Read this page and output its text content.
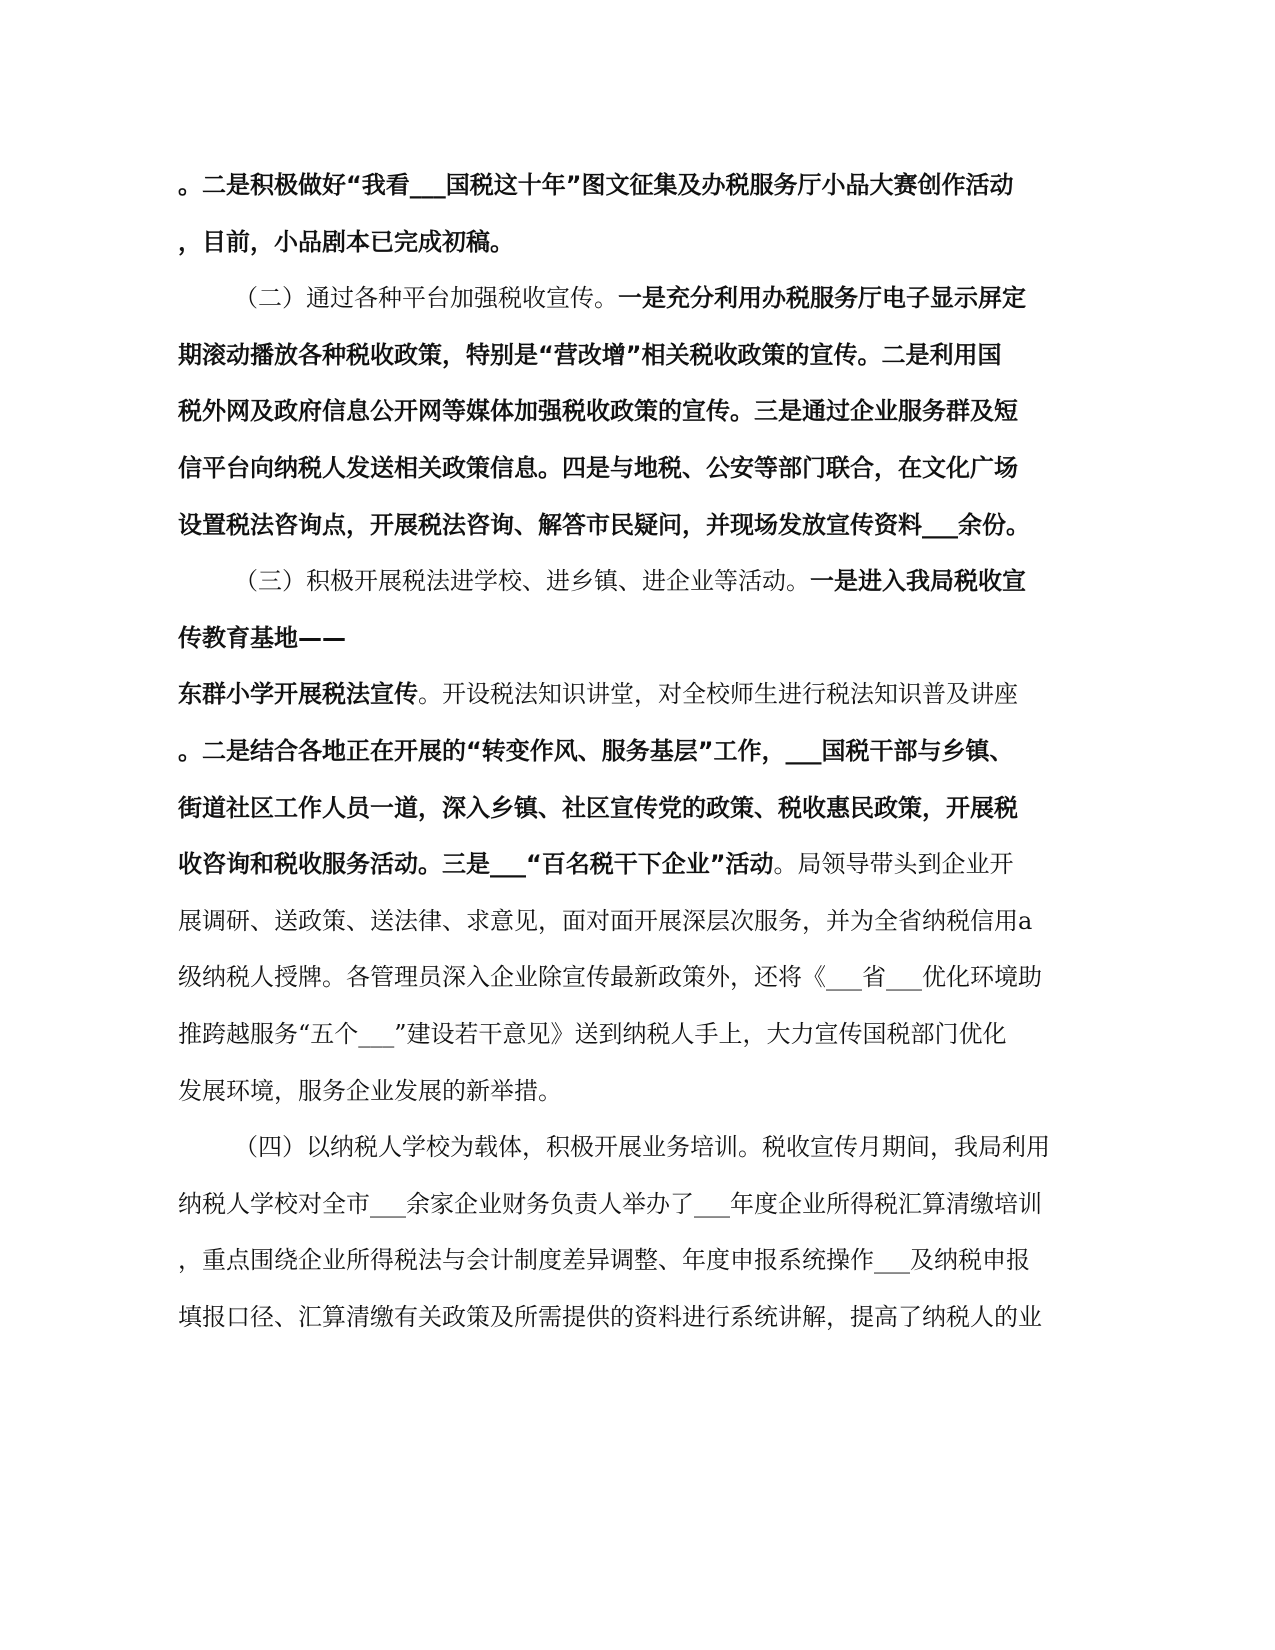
。二是积极做好“我看___国税这十年”图文征集及办税服务厅小品大赛创作活动
，目前，小品剧本已完成初稿。
（二）通过各种平台加强税收宣传。一是充分利用办税服务厅电子显示屏定
期滚动播放各种税收政策，特别是“营改增”相关税收政策的宣传。二是利用国
税外网及政府信息公开网等媒体加强税收政策的宣传。三是通过企业服务群及短
信平台向纳税人发送相关政策信息。四是与地税、公安等部门联合，在文化广场
设置税法咨询点，开展税法咨询、解答市民疑问，并现场发放宣传资料___余份。
（三）积极开展税法进学校、进乡镇、进企业等活动。一是进入我局税收宣
传教育基地——
东群小学开展税法宣传。开设税法知识讲堂，对全校师生进行税法知识普及讲座
。二是结合各地正在开展的“转变作风、服务基层”工作，___国税干部与乡镇、
街道社区工作人员一道，深入乡镇、社区宣传党的政策、税收惠民政策，开展税
收咨询和税收服务活动。三是___“百名税干下企业”活动。局领导带头到企业开
展调研、送政策、送法律、求意见，面对面开展深层次服务，并为全省纳税信用a
级纳税人授牌。各管理员深入企业除宣传最新政策外，还将《___省___优化环境助
推跨越服务“五个___”建设若干意见》送到纳税人手上，大力宣传国税部门优化
发展环境，服务企业发展的新举措。
（四）以纳税人学校为载体，积极开展业务培训。税收宣传月期间，我局利用
纳税人学校对全市___余家企业财务负责人举办了___年度企业所得税汇算清缴培训
，重点围绕企业所得税法与会计制度差异调整、年度申报系统操作___及纳税申报
填报口径、汇算清缴有关政策及所需提供的资料进行系统讲解，提高了纳税人的业
